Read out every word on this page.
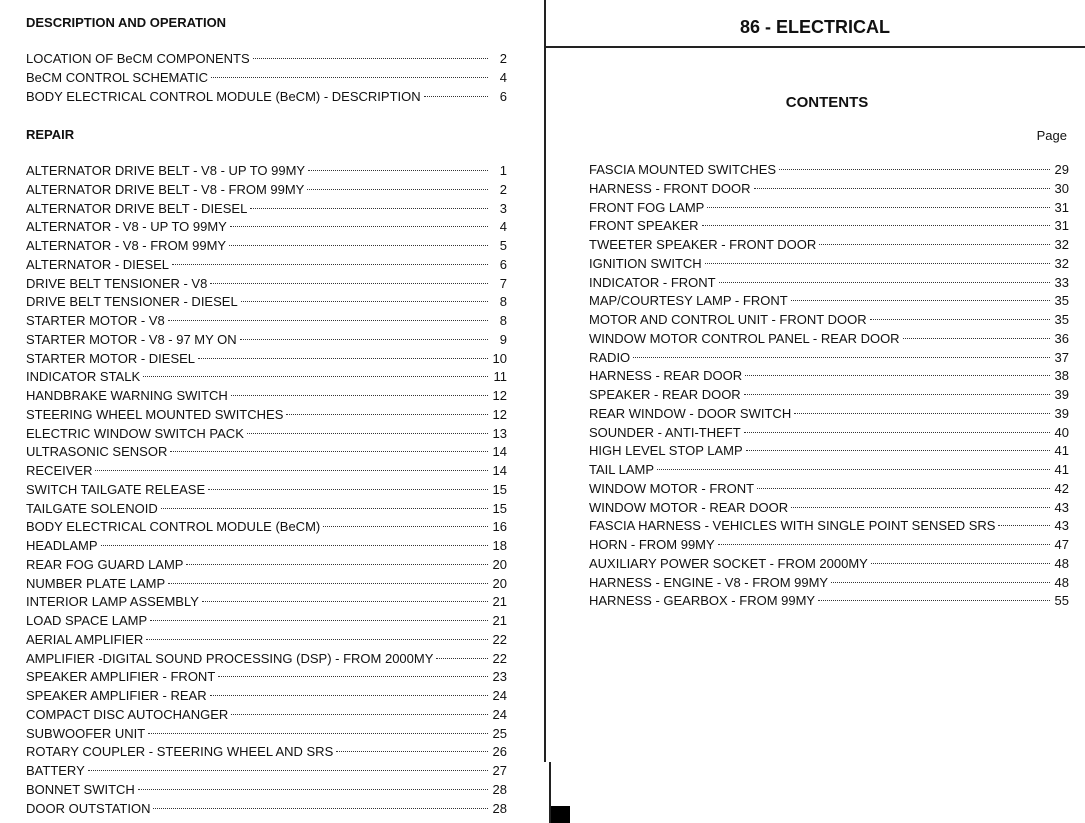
DESCRIPTION AND OPERATION
LOCATION OF BeCM COMPONENTS	2
BeCM CONTROL SCHEMATIC	4
BODY ELECTRICAL CONTROL MODULE (BeCM) - DESCRIPTION	6
REPAIR
ALTERNATOR DRIVE BELT - V8 - UP TO 99MY	1
ALTERNATOR DRIVE BELT - V8 - FROM 99MY	2
ALTERNATOR DRIVE BELT - DIESEL	3
ALTERNATOR - V8 - UP TO 99MY	4
ALTERNATOR - V8 - FROM 99MY	5
ALTERNATOR - DIESEL	6
DRIVE BELT TENSIONER - V8	7
DRIVE BELT TENSIONER - DIESEL	8
STARTER MOTOR - V8	8
STARTER MOTOR - V8 - 97 MY ON	9
STARTER MOTOR - DIESEL	10
INDICATOR STALK	11
HANDBRAKE WARNING SWITCH	12
STEERING WHEEL MOUNTED SWITCHES	12
ELECTRIC WINDOW SWITCH PACK	13
ULTRASONIC SENSOR	14
RECEIVER	14
SWITCH TAILGATE RELEASE	15
TAILGATE SOLENOID	15
BODY ELECTRICAL CONTROL MODULE (BeCM)	16
HEADLAMP	18
REAR FOG GUARD LAMP	20
NUMBER PLATE LAMP	20
INTERIOR LAMP ASSEMBLY	21
LOAD SPACE LAMP	21
AERIAL AMPLIFIER	22
AMPLIFIER -DIGITAL SOUND PROCESSING (DSP) - FROM 2000MY	22
SPEAKER AMPLIFIER - FRONT	23
SPEAKER AMPLIFIER - REAR	24
COMPACT DISC AUTOCHANGER	24
SUBWOOFER UNIT	25
ROTARY COUPLER - STEERING WHEEL AND SRS	26
BATTERY	27
BONNET SWITCH	28
DOOR OUTSTATION	28
86 - ELECTRICAL
CONTENTS
Page
FASCIA MOUNTED SWITCHES	29
HARNESS - FRONT DOOR	30
FRONT FOG LAMP	31
FRONT SPEAKER	31
TWEETER SPEAKER - FRONT DOOR	32
IGNITION SWITCH	32
INDICATOR - FRONT	33
MAP/COURTESY LAMP - FRONT	35
MOTOR AND CONTROL UNIT - FRONT DOOR	35
WINDOW MOTOR CONTROL PANEL - REAR DOOR	36
RADIO	37
HARNESS - REAR DOOR	38
SPEAKER - REAR DOOR	39
REAR WINDOW - DOOR SWITCH	39
SOUNDER - ANTI-THEFT	40
HIGH LEVEL STOP LAMP	41
TAIL LAMP	41
WINDOW MOTOR - FRONT	42
WINDOW MOTOR - REAR DOOR	43
FASCIA HARNESS - VEHICLES WITH SINGLE POINT SENSED SRS	43
HORN - FROM 99MY	47
AUXILIARY POWER SOCKET - FROM 2000MY	48
HARNESS - ENGINE - V8 - FROM 99MY	48
HARNESS - GEARBOX - FROM 99MY	55
